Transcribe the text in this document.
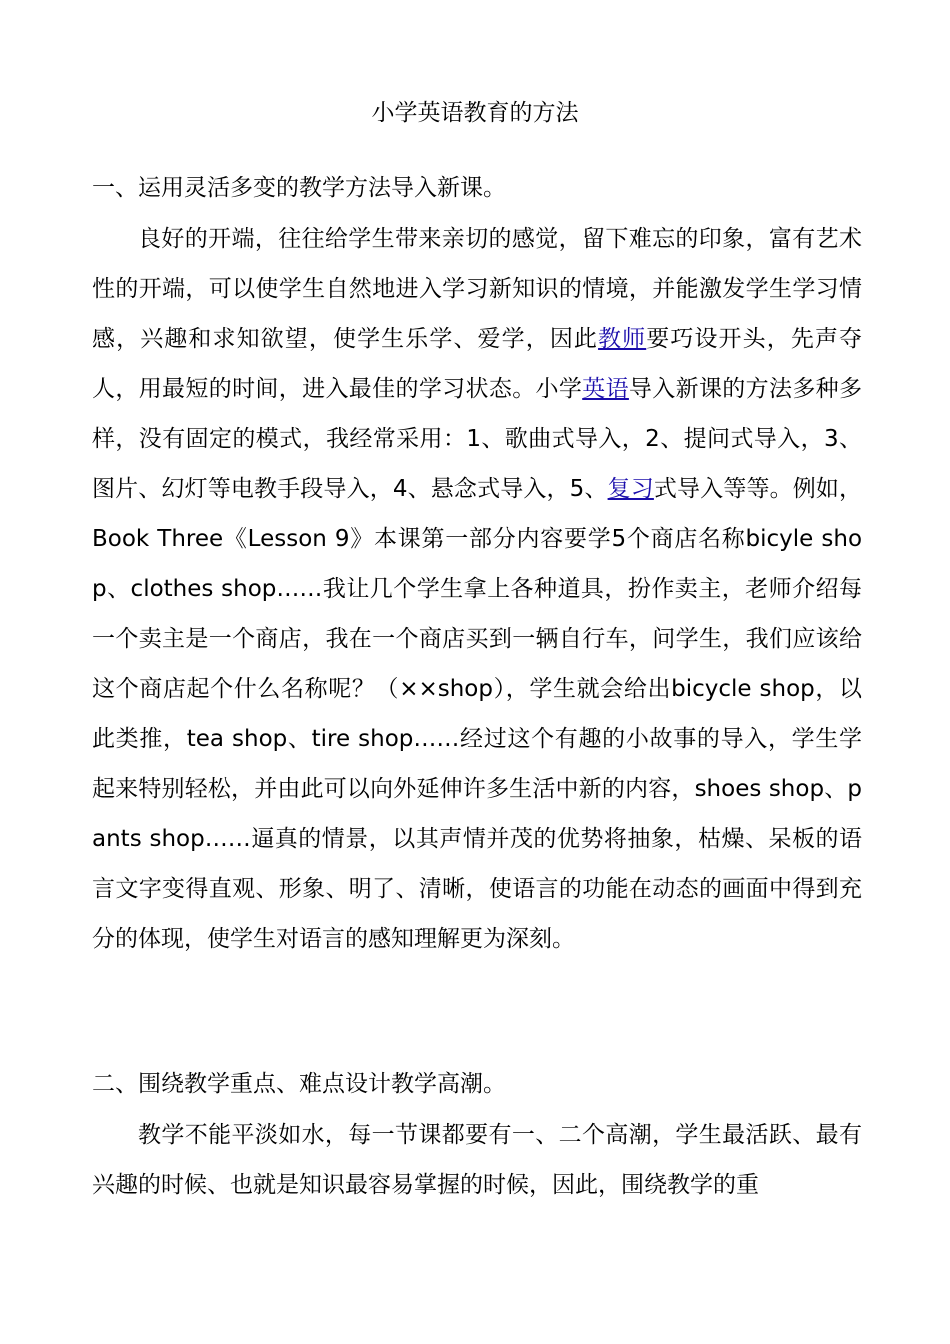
小学英语教育的方法
一、运用灵活多变的教学方法导入新课。

良好的开端，往往给学生带来亲切的感觉，留下难忘的印象，富有艺术性的开端，可以使学生自然地进入学习新知识的情境，并能激发学生学习情感，兴趣和求知欲望，使学生乐学、爱学，因此教师要巧设开头，先声夺人，用最短的时间，进入最佳的学习状态。小学英语导入新课的方法多种多样，没有固定的模式，我经常采用：1、歌曲式导入，2、提问式导入，3、图片、幻灯等电教手段导入，4、悬念式导入，5、复习式导入等等。例如，Book Three《Lesson 9》本课第一部分内容要学5个商店名称bicyle shop、clothes shop……我让几个学生拿上各种道具，扮作卖主，老师介绍每一个卖主是一个商店，我在一个商店买到一辆自行车，问学生，我们应该给这个商店起个什么名称呢？（××shop），学生就会给出bicycle shop，以此类推，tea shop、tire shop……经过这个有趣的小故事的导入，学生学起来特别轻松，并由此可以向外延伸许多生活中新的内容，shoes shop、pants shop……逼真的情景，以其声情并茂的优势将抽象，枯燥、呆板的语言文字变得直观、形象、明了、清晰，使语言的功能在动态的画面中得到充分的体现，使学生对语言的感知理解更为深刻。

二、围绕教学重点、难点设计教学高潮。

教学不能平淡如水，每一节课都要有一、二个高潮，学生最活跃、最有兴趣的时候、也就是知识最容易掌握的时候，因此，围绕教学的重
